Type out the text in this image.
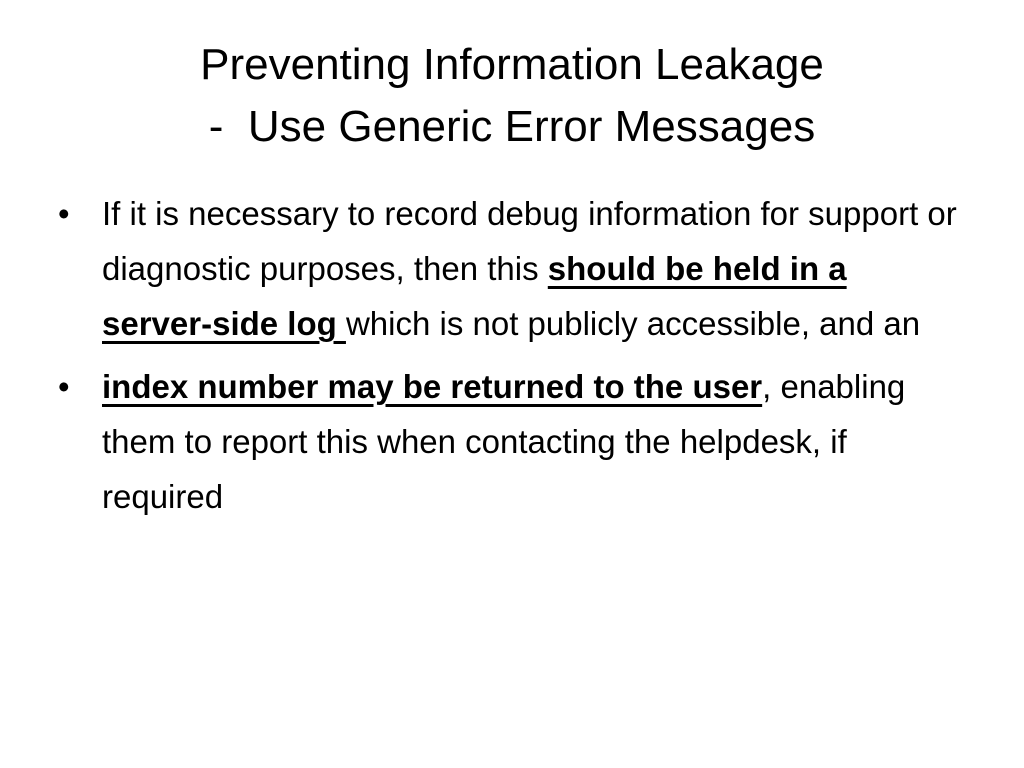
Preventing Information Leakage
-  Use Generic Error Messages
• If it is necessary to record debug information for support or diagnostic purposes, then this should be held in a server-side log which is not publicly accessible, and an
• index number may be returned to the user, enabling them to report this when contacting the helpdesk, if required
